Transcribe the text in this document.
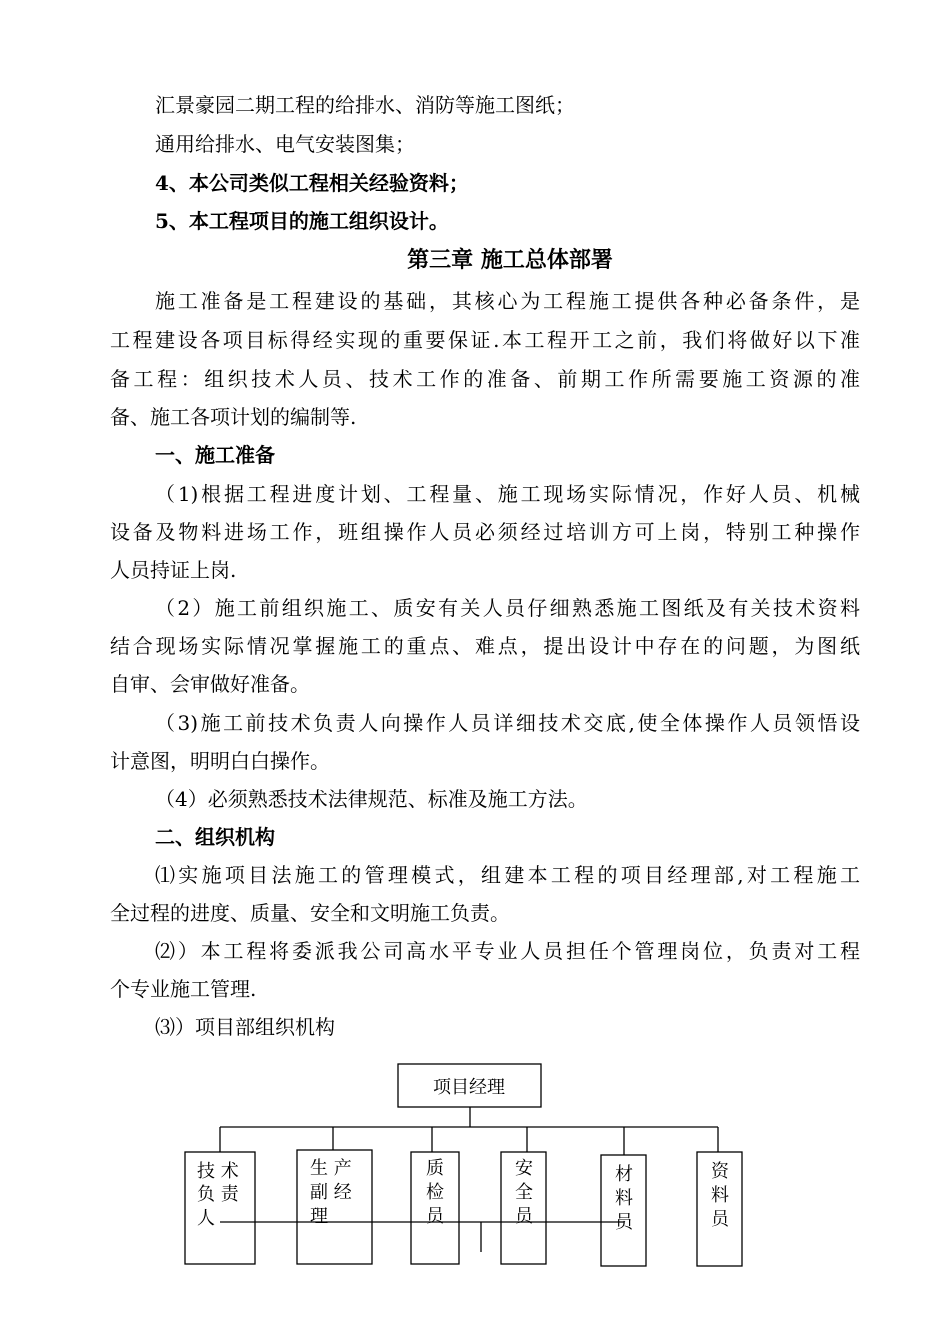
汇景豪园二期工程的给排水、消防等施工图纸；
通用给排水、电气安装图集；
4、本公司类似工程相关经验资料；
5、本工程项目的施工组织设计。
第三章 施工总体部署
施工准备是工程建设的基础，其核心为工程施工提供各种必备条件，是
工程建设各项目标得经实现的重要保证.本工程开工之前，我们将做好以下准
备工程：组织技术人员、技术工作的准备、前期工作所需要施工资源的准
备、施工各项计划的编制等.
一、施工准备
（1)根据工程进度计划、工程量、施工现场实际情况，作好人员、机械
设备及物料进场工作，班组操作人员必须经过培训方可上岗，特别工种操作
人员持证上岗.
（2）施工前组织施工、质安有关人员仔细熟悉施工图纸及有关技术资料
结合现场实际情况掌握施工的重点、难点，提出设计中存在的问题，为图纸
自审、会审做好准备。
（3)施工前技术负责人向操作人员详细技术交底,使全体操作人员领悟设
计意图，明明白白操作。
（4）必须熟悉技术法律规范、标准及施工方法。
二、组织机构
⑴实施项目法施工的管理模式，组建本工程的项目经理部,对工程施工
全过程的进度、质量、安全和文明施工负责。
⑵）本工程将委派我公司高水平专业人员担任个管理岗位，负责对工程
个专业施工管理.
⑶）项目部组织机构
项目经理
技 术
负 责
人
生 产
副 经
理
质
检
员
安
全
员
材
料
员
资
料
员
